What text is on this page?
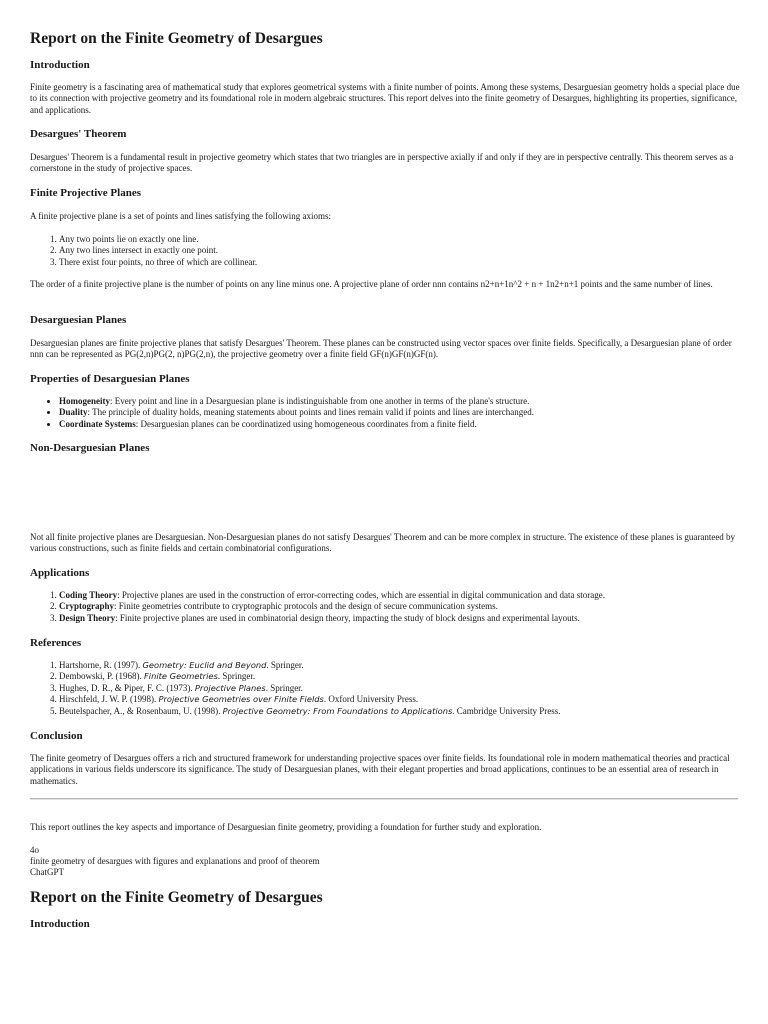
Report on the Finite Geometry of Desargues
Introduction

Finite geometry is a fascinating area of mathematical study that explores geometrical systems with a finite number of points. Among these systems, Desarguesian geometry holds a special place due to its connection with projective geometry and its foundational role in modern algebraic structures. This report delves into the finite geometry of Desargues, highlighting its properties, significance, and applications.

Desargues' Theorem

Desargues' Theorem is a fundamental result in projective geometry which states that two triangles are in perspective axially if and only if they are in perspective centrally. This theorem serves as a cornerstone in the study of projective spaces.

Finite Projective Planes

A finite projective plane is a set of points and lines satisfying the following axioms:

1. Any two points lie on exactly one line.
2. Any two lines intersect in exactly one point.
3. There exist four points, no three of which are collinear.

The order of a finite projective plane is the number of points on any line minus one. A projective plane of order nnn contains n2+n+1n^2 + n + 1n2+n+1 points and the same number of lines.

Desarguesian Planes

Desarguesian planes are finite projective planes that satisfy Desargues' Theorem. These planes can be constructed using vector spaces over finite fields. Specifically, a Desarguesian plane of order nnn can be represented as PG(2,n)PG(2, n)PG(2,n), the projective geometry over a finite field GF(n)GF(n)GF(n).

Properties of Desarguesian Planes
• Homogeneity: Every point and line in a Desarguesian plane is indistinguishable from one another in terms of the plane's structure.
• Duality: The principle of duality holds, meaning statements about points and lines remain valid if points and lines are interchanged.
• Coordinate Systems: Desarguesian planes can be coordinatized using homogeneous coordinates from a finite field.
Non-Desarguesian Planes

Not all finite projective planes are Desarguesian. Non-Desarguesian planes do not satisfy Desargues' Theorem and can be more complex in structure. The existence of these planes is guaranteed by various constructions, such as finite fields and certain combinatorial configurations.

Applications
1. Coding Theory: Projective planes are used in the construction of error-correcting codes, which are essential in digital communication and data storage.
2. Cryptography: Finite geometries contribute to cryptographic protocols and the design of secure communication systems.
3. Design Theory: Finite projective planes are used in combinatorial design theory, impacting the study of block designs and experimental layouts.
References
1. Hartshorne, R. (1997). Geometry: Euclid and Beyond. Springer.
2. Dembowski, P. (1968). Finite Geometries. Springer.
3. Hughes, D. R., & Piper, F. C. (1973). Projective Planes. Springer.
4. Hirschfeld, J. W. P. (1998). Projective Geometries over Finite Fields. Oxford University Press.
5. Beutelspacher, A., & Rosenbaum, U. (1998). Projective Geometry: From Foundations to Applications. Cambridge University Press.
Conclusion

The finite geometry of Desargues offers a rich and structured framework for understanding projective spaces over finite fields. Its foundational role in modern mathematical theories and practical applications in various fields underscore its significance. The study of Desarguesian planes, with their elegant properties and broad applications, continues to be an essential area of research in mathematics.

This report outlines the key aspects and importance of Desarguesian finite geometry, providing a foundation for further study and exploration.

4o
finite geometry of desargues with figures and explanations and proof of theorem
ChatGPT
Report on the Finite Geometry of Desargues
Introduction
